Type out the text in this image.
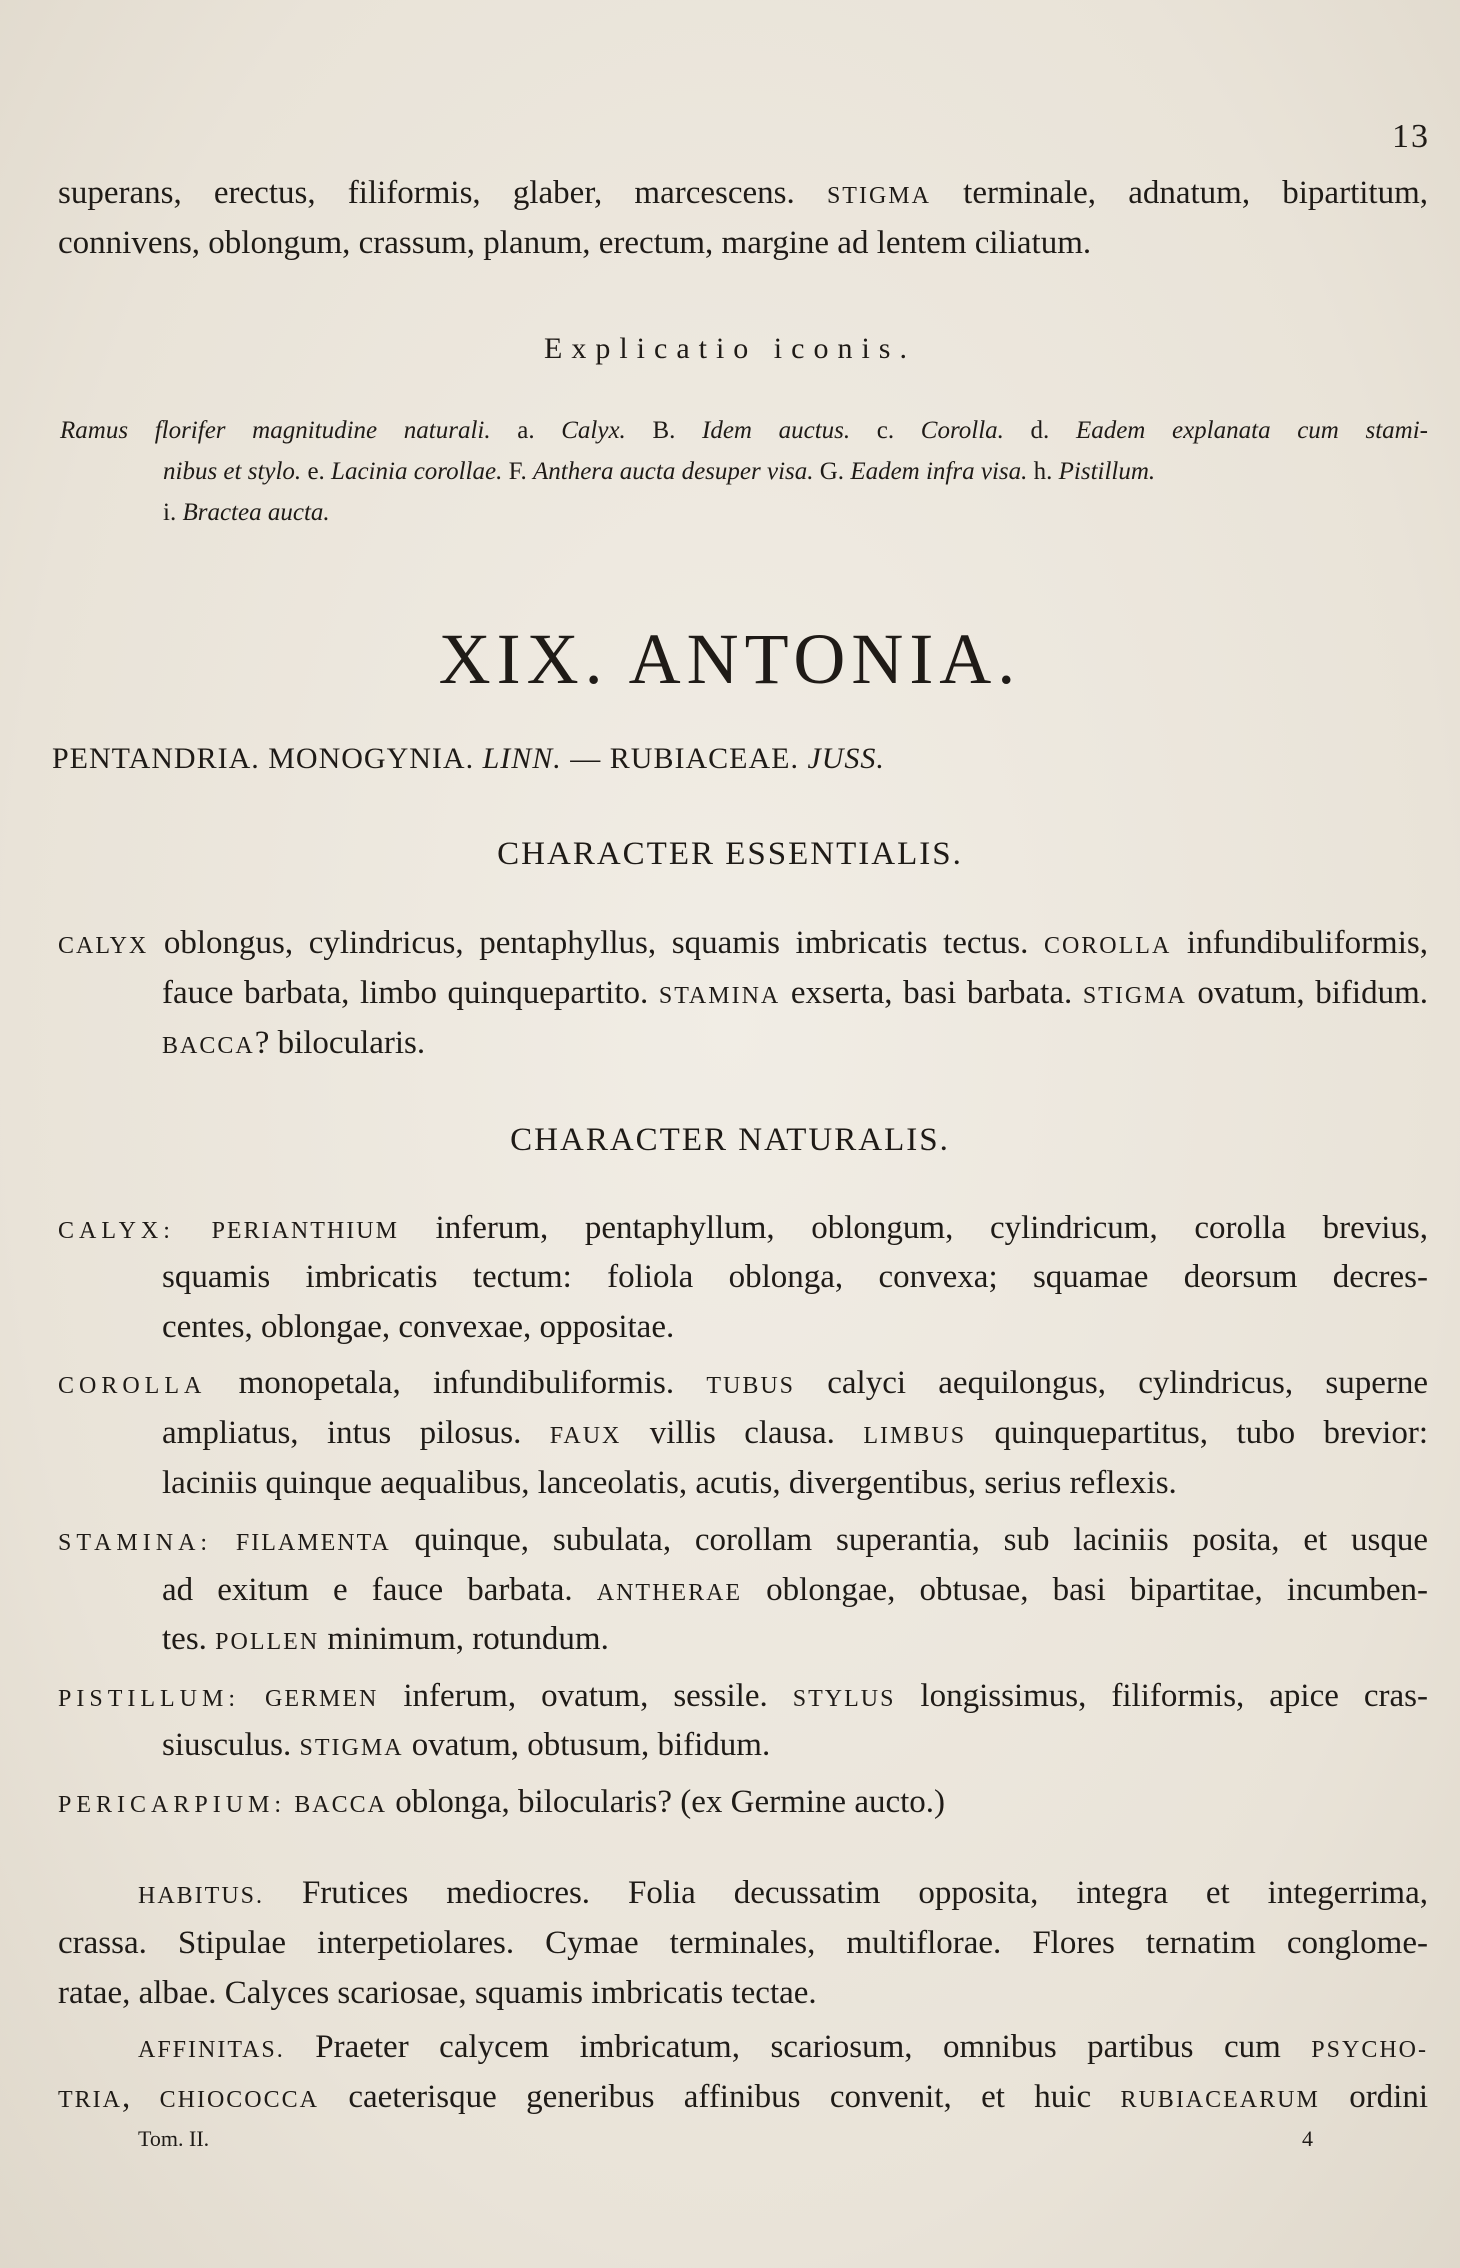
13
superans, erectus, filiformis, glaber, marcescens. STIGMA terminale, adnatum, bipartitum,
connivens, oblongum, crassum, planum, erectum, margine ad lentem ciliatum.
Explicatio iconis.
Ramus florifer magnitudine naturali. a. Calyx. B. Idem auctus. c. Corolla. d. Eadem explanata cum stami-
nibus et stylo. e. Lacinia corollae. F. Anthera aucta desuper visa. G. Eadem infra visa. h. Pistillum.
i. Bractea aucta.
XIX. ANTONIA.
PENTANDRIA. MONOGYNIA. LINN. — RUBIACEAE. JUSS.
CHARACTER ESSENTIALIS.
CALYX oblongus, cylindricus, pentaphyllus, squamis imbricatis tectus. COROLLA infundibuliformis,
fauce barbata, limbo quinquepartito. STAMINA exserta, basi barbata. STIGMA ovatum, bifidum.
BACCA? bilocularis.
CHARACTER NATURALIS.
CALYX: PERIANTHIUM inferum, pentaphyllum, oblongum, cylindricum, corolla brevius,
squamis imbricatis tectum: foliola oblonga, convexa; squamae deorsum decres-
centes, oblongae, convexae, oppositae.
COROLLA monopetala, infundibuliformis. TUBUS calyci aequilongus, cylindricus, superne
ampliatus, intus pilosus. FAUX villis clausa. LIMBUS quinquepartitus, tubo brevior:
laciniis quinque aequalibus, lanceolatis, acutis, divergentibus, serius reflexis.
STAMINA: FILAMENTA quinque, subulata, corollam superantia, sub laciniis posita, et usque
ad exitum e fauce barbata. ANTHERAE oblongae, obtusae, basi bipartitae, incumben-
tes. POLLEN minimum, rotundum.
PISTILLUM: GERMEN inferum, ovatum, sessile. STYLUS longissimus, filiformis, apice cras-
siusculus. STIGMA ovatum, obtusum, bifidum.
PERICARPIUM: BACCA oblonga, bilocularis? (ex Germine aucto.)
HABITUS. Frutices mediocres. Folia decussatim opposita, integra et integerrima,
crassa. Stipulae interpetiolares. Cymae terminales, multiflorae. Flores ternatim conglome-
ratae, albae. Calyces scariosae, squamis imbricatis tectae.
AFFINITAS. Praeter calycem imbricatum, scariosum, omnibus partibus cum PSYCHO-
TRIA, CHIOCOCCA caeterisque generibus affinibus convenit, et huic RUBIACEARUM ordini
Tom. II.	4
